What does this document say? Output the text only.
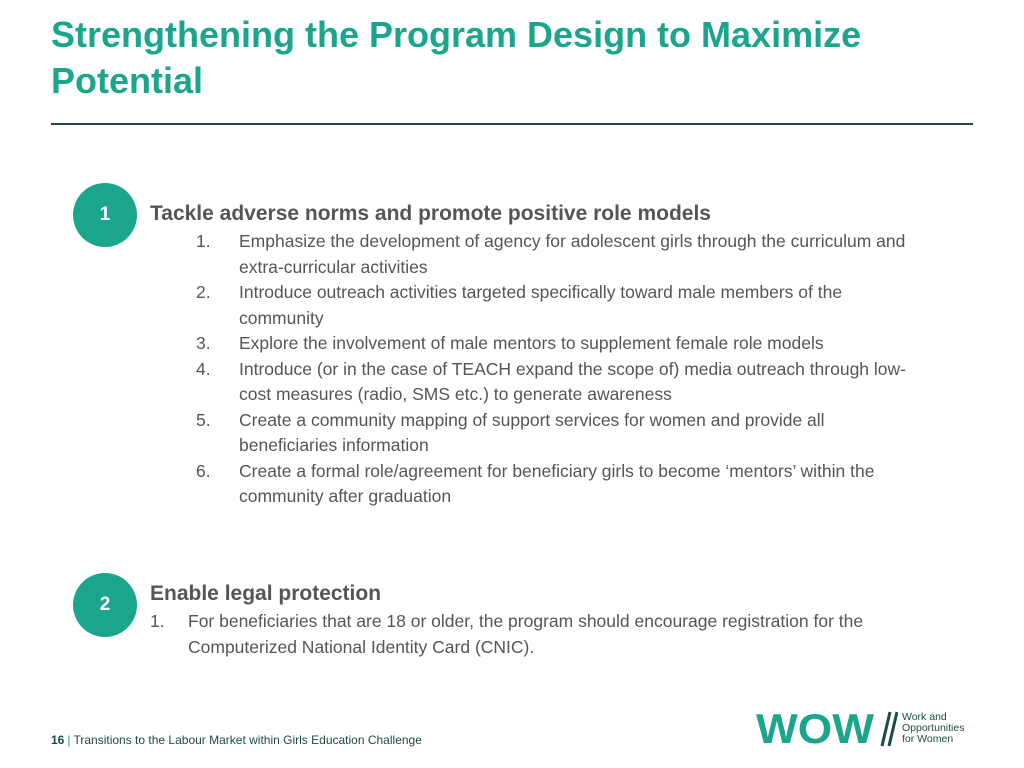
Strengthening the Program Design to Maximize Potential
1	Tackle adverse norms and promote positive role models
1.	Emphasize the development of agency for adolescent girls through the curriculum and extra-curricular activities
2.	Introduce outreach activities targeted specifically toward male members of the community
3.	Explore the involvement of male mentors to supplement female role models
4.	Introduce (or in the case of TEACH expand the scope of) media outreach through low-cost measures (radio, SMS etc.) to generate awareness
5.	Create a community mapping of support services for women and provide all beneficiaries information
6.	Create a formal role/agreement for beneficiary girls to become ‘mentors’ within the community after graduation
2	Enable legal protection
1.	For beneficiaries that are 18 or older, the program should encourage registration for the Computerized National Identity Card (CNIC).
16 | Transitions to the Labour Market within Girls Education Challenge	WOW	Work and
Opportunities
for Women
